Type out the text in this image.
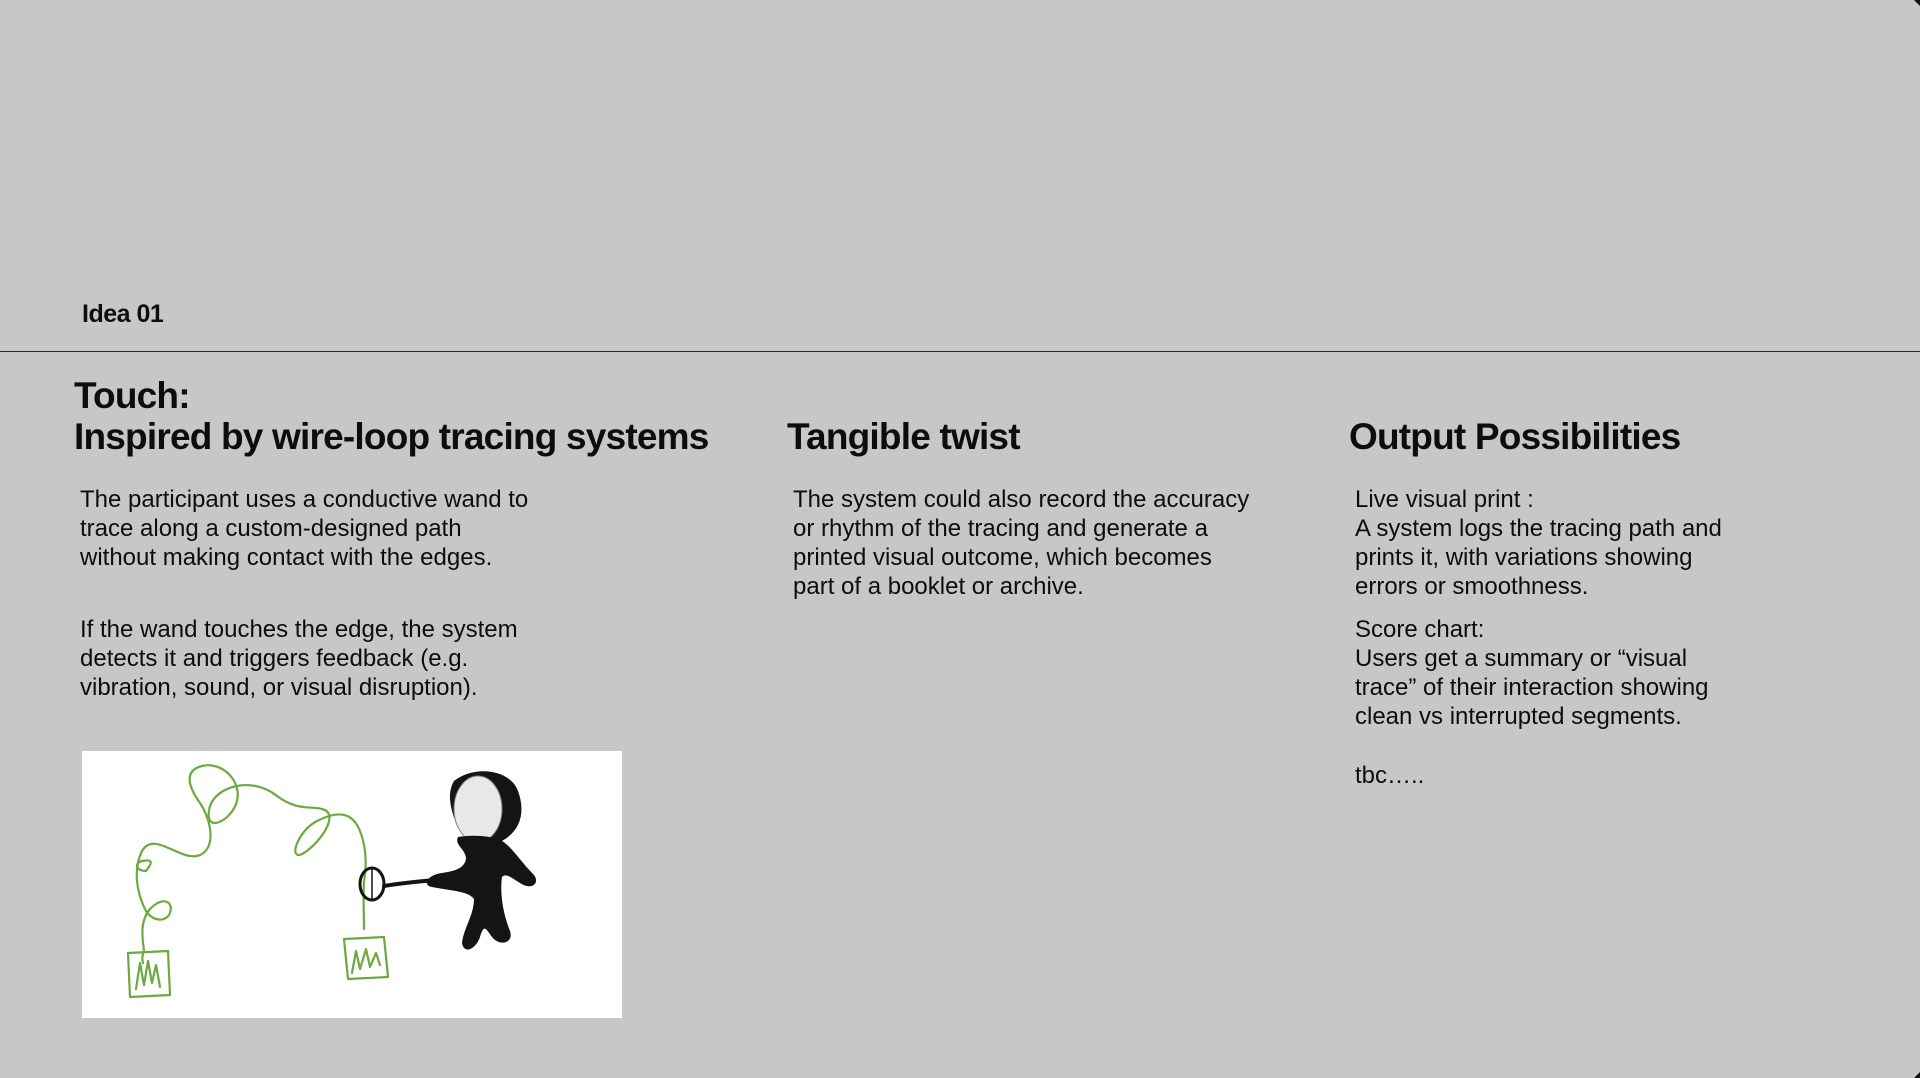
Idea 01
Touch:
Inspired by wire-loop tracing systems

The participant uses a conductive wand to
trace along a custom-designed path
without making contact with the edges.

If the wand touches the edge, the system
detects it and triggers feedback (e.g.
vibration, sound, or visual disruption).

Tangible twist

The system could also record the accuracy
or rhythm of the tracing and generate a
printed visual outcome, which becomes
part of a booklet or archive.

Output Possibilities

Live visual print :
A system logs the tracing path and
prints it, with variations showing
errors or smoothness.

Score chart:
Users get a summary or “visual
trace” of their interaction showing
clean vs interrupted segments.

tbc…..
